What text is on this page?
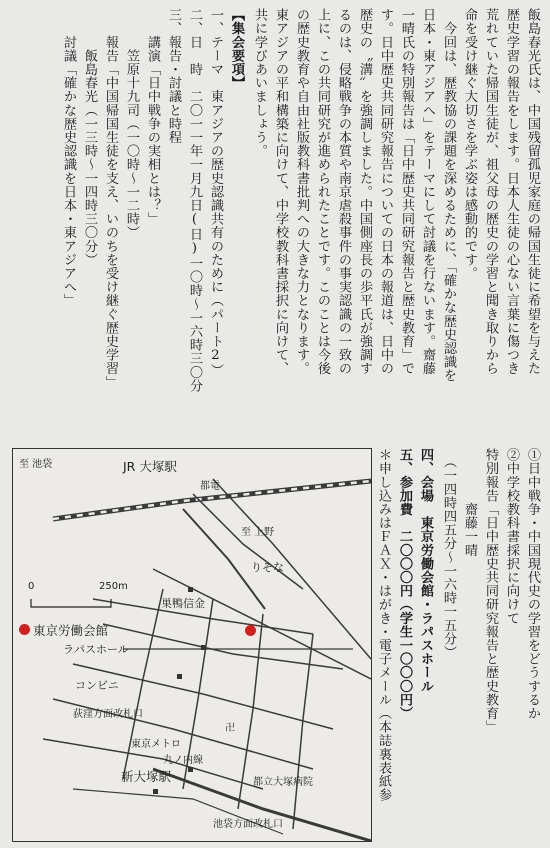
飯島春光氏は、中国残留孤児家庭の帰国生徒に希望を与えた
歴史学習の報告をします。日本人生徒の心ない言葉に傷つき
荒れていた帰国生徒が、祖父母の歴史の学習と聞き取りから
命を受け継ぐ大切さを学ぶ姿は感動的です。
　今回は、歴教協の課題を深めるために、「確かな歴史認識を
日本・東アジアへ」をテーマにして討議を行ないます。齋藤
一晴氏の特別報告は「日中歴史共同研究報告と歴史教育」で
す。日中歴史共同研究報告についての日本の報道は、日中の
歴史の〝溝〟を強調しました。中国側座長の歩平氏が強調す
るのは、侵略戦争の本質や南京虐殺事件の事実認識の一致の
上に、この共同研究が進められたことです。このことは今後
の歴史教育や自由社版教科書批判への大きな力となります。
東アジアの平和構築に向けて、中学校教科書採択に向けて、
共に学びあいましょう。
【集会要項】
一、テーマ　東アジアの歴史認識共有のために（パート2）
二、日　時　二〇一一年一月九日(日)一〇時～一六時三〇分
三、報告・討議と時程
　　講演「日中戦争の実相とは？」
　　　笠原十九司（一〇時～一二時）
　　報告「中国帰国生徒を支え、いのちを受け継ぐ歴史学習」
　　　飯島春光（一三時～一四時三〇分）
　　討議「確かな歴史認識を日本・東アジアへ」
①日中戦争・中国現代史の学習をどうするか
②中学校教科書採択に向けて
特別報告「日中歴史共同研究報告と歴史教育」
　　　　齋藤一晴
　（一四時四五分～一六時一五分）
四、会場　東京労働会館・ラパスホール
五、参加費　二〇〇〇円（学生一〇〇〇円）
＊申し込みはＦＡＸ・はがき・電子メール（本誌裏表紙参
至 池袋	JR 大塚駅
都電
至 上野
0	250m
りそな
巣鴨信金
東京労働会館
ラパスホール
コンビニ
荻窪方面改札口
卍
東京メトロ
丸ノ内線
新大塚駅	都立大塚病院
池袋方面改札口
